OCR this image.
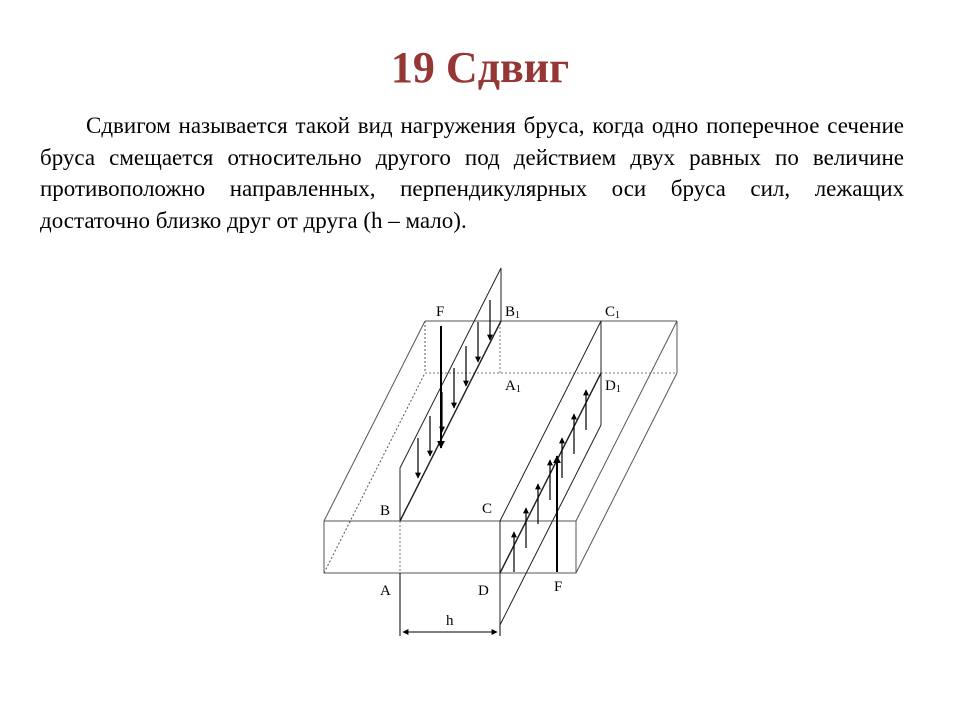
19 Сдвиг

Сдвигом называется такой вид нагружения бруса, когда одно поперечное сечение бруса смещается относительно другого под действием двух равных по величине противоположно направленных, перпендикулярных оси бруса сил, лежащих достаточно близко друг от друга (h – мало).

F	B1	C1
A1	D1
B	C
A	D	F
h
